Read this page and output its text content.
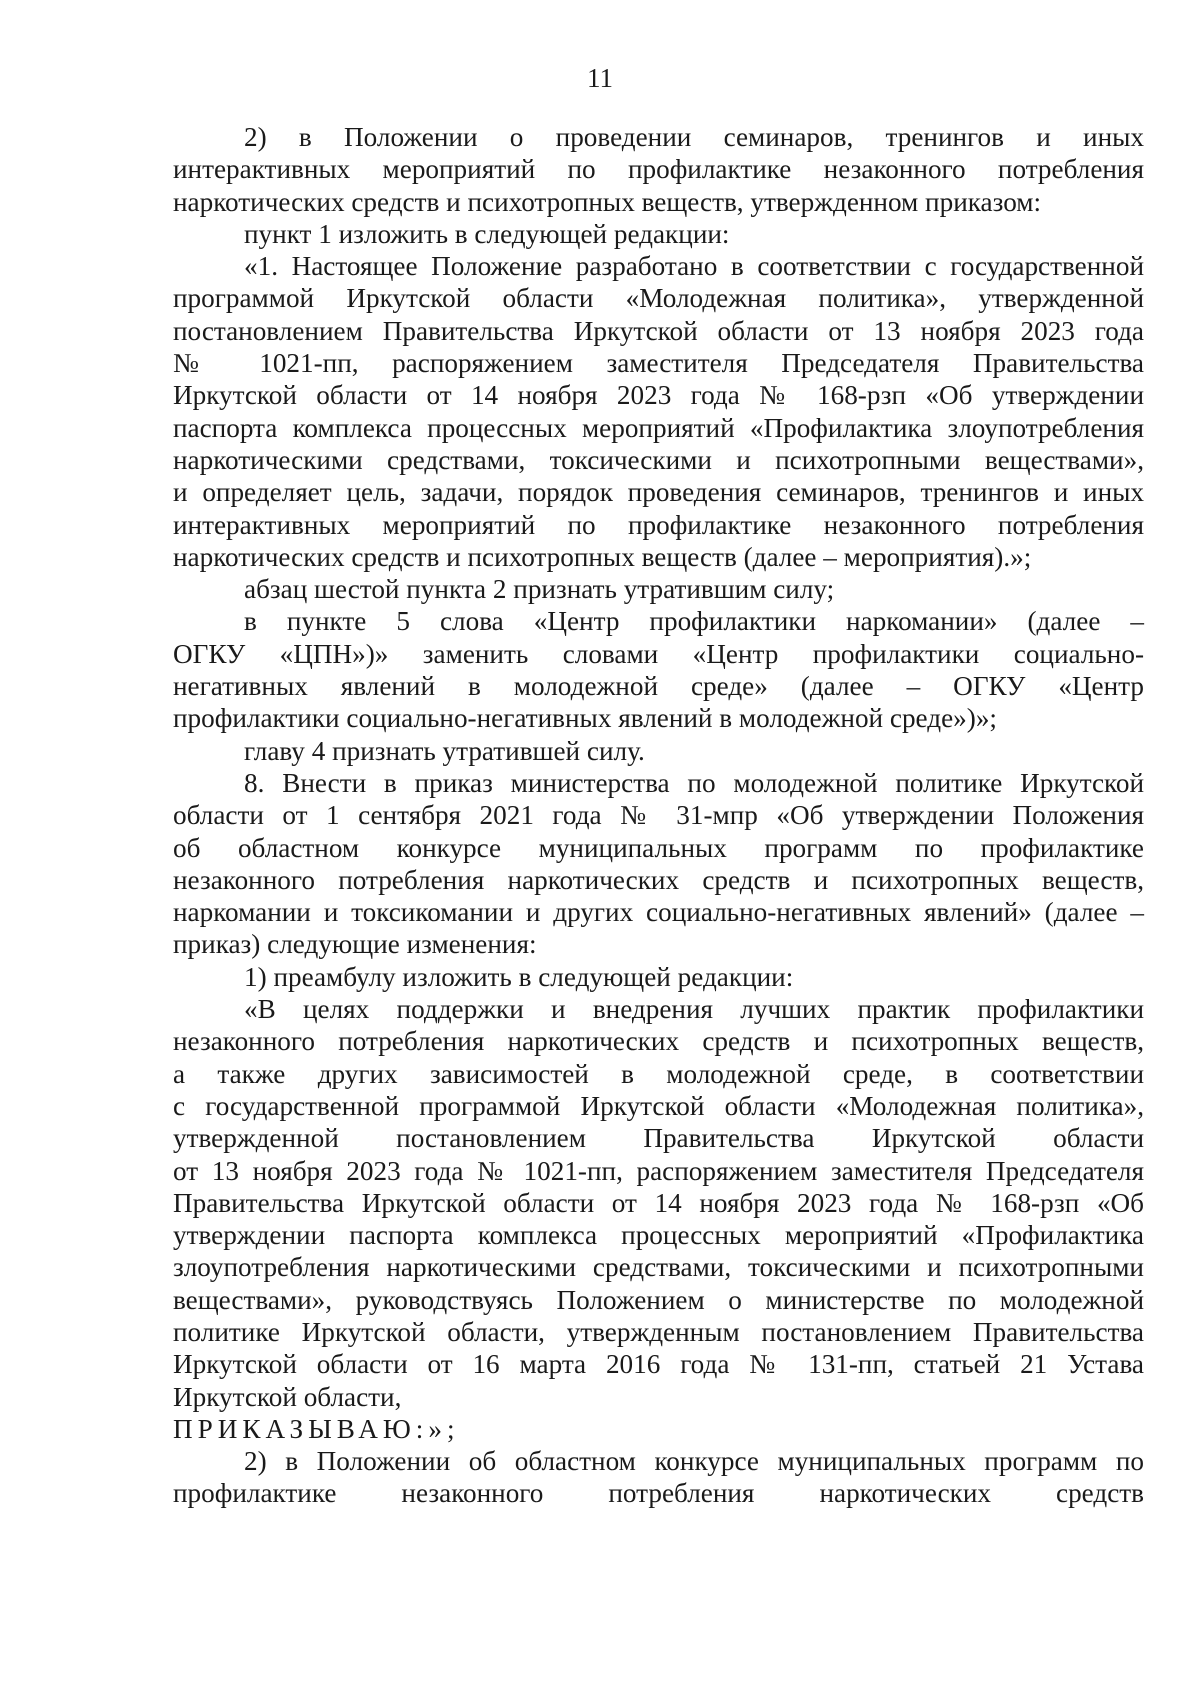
11
2) в Положении о проведении семинаров, тренингов и иных
интерактивных мероприятий по профилактике незаконного потребления
наркотических средств и психотропных веществ, утвержденном приказом:
пункт 1 изложить в следующей редакции:
«1. Настоящее Положение разработано в соответствии с государственной
программой Иркутской области «Молодежная политика», утвержденной
постановлением Правительства Иркутской области от 13 ноября 2023 года
№ 1021-пп, распоряжением заместителя Председателя Правительства
Иркутской области от 14 ноября 2023 года № 168-рзп «Об утверждении
паспорта комплекса процессных мероприятий «Профилактика злоупотребления
наркотическими средствами, токсическими и психотропными веществами»,
и определяет цель, задачи, порядок проведения семинаров, тренингов и иных
интерактивных мероприятий по профилактике незаконного потребления
наркотических средств и психотропных веществ (далее – мероприятия).»;
абзац шестой пункта 2 признать утратившим силу;
в пункте 5 слова «Центр профилактики наркомании» (далее –
ОГКУ «ЦПН»)» заменить словами «Центр профилактики социально-
негативных явлений в молодежной среде» (далее – ОГКУ «Центр
профилактики социально-негативных явлений в молодежной среде»)»;
главу 4 признать утратившей силу.
8. Внести в приказ министерства по молодежной политике Иркутской
области от 1 сентября 2021 года № 31-мпр «Об утверждении Положения
об областном конкурсе муниципальных программ по профилактике
незаконного потребления наркотических средств и психотропных веществ,
наркомании и токсикомании и других социально-негативных явлений» (далее –
приказ) следующие изменения:
1) преамбулу изложить в следующей редакции:
«В целях поддержки и внедрения лучших практик профилактики
незаконного потребления наркотических средств и психотропных веществ,
а также других зависимостей в молодежной среде, в соответствии
с государственной программой Иркутской области «Молодежная политика»,
утвержденной постановлением Правительства Иркутской области
от 13 ноября 2023 года № 1021-пп, распоряжением заместителя Председателя
Правительства Иркутской области от 14 ноября 2023 года № 168-рзп «Об
утверждении паспорта комплекса процессных мероприятий «Профилактика
злоупотребления наркотическими средствами, токсическими и психотропными
веществами», руководствуясь Положением о министерстве по молодежной
политике Иркутской области, утвержденным постановлением Правительства
Иркутской области от 16 марта 2016 года № 131-пп, статьей 21 Устава
Иркутской области,
ПРИКАЗЫВАЮ:»;
2) в Положении об областном конкурсе муниципальных программ по
профилактике незаконного потребления наркотических средств
